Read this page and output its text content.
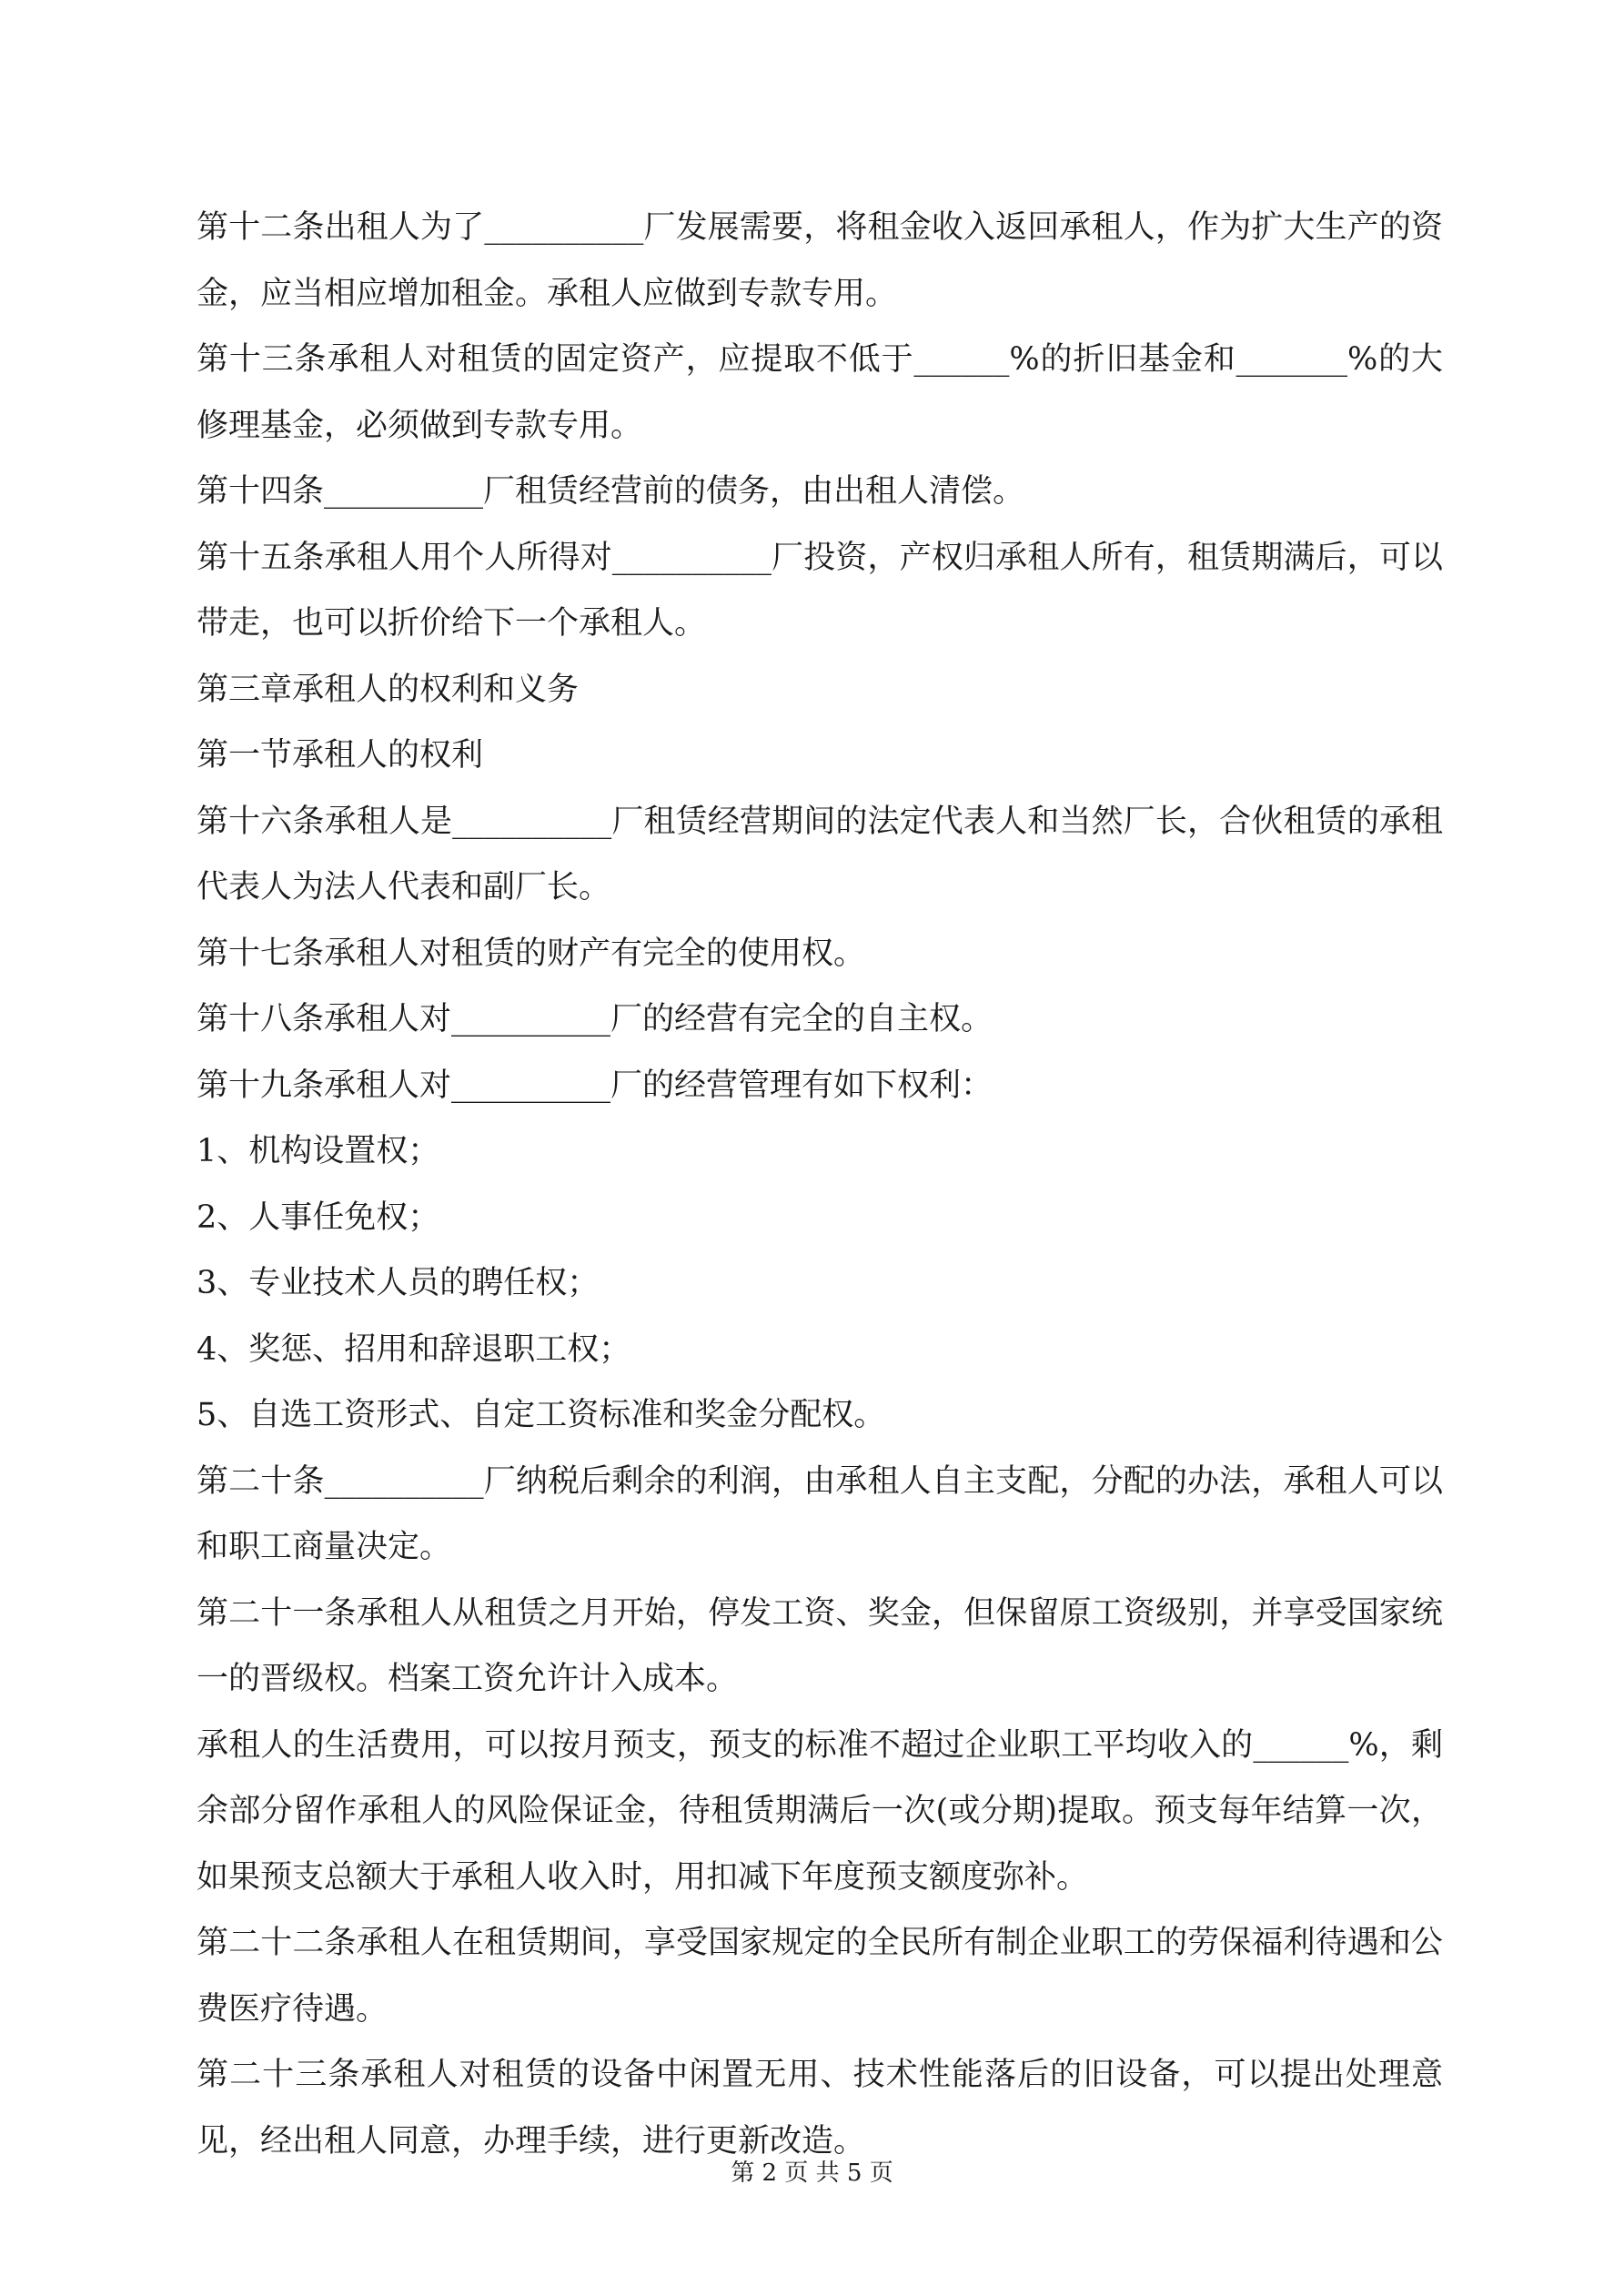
第十二条出租人为了__________厂发展需要，将租金收入返回承租人，作为扩大生产的资金，应当相应增加租金。承租人应做到专款专用。

第十三条承租人对租赁的固定资产，应提取不低于______%的折旧基金和_______%的大修理基金，必须做到专款专用。

第十四条__________厂租赁经营前的债务，由出租人清偿。

第十五条承租人用个人所得对__________厂投资，产权归承租人所有，租赁期满后，可以带走，也可以折价给下一个承租人。

第三章承租人的权利和义务

第一节承租人的权利

第十六条承租人是__________厂租赁经营期间的法定代表人和当然厂长，合伙租赁的承租代表人为法人代表和副厂长。

第十七条承租人对租赁的财产有完全的使用权。

第十八条承租人对__________厂的经营有完全的自主权。

第十九条承租人对__________厂的经营管理有如下权利：

1、机构设置权；

2、人事任免权；

3、专业技术人员的聘任权；

4、奖惩、招用和辞退职工权；

5、自选工资形式、自定工资标准和奖金分配权。

第二十条__________厂纳税后剩余的利润，由承租人自主支配，分配的办法，承租人可以和职工商量决定。

第二十一条承租人从租赁之月开始，停发工资、奖金，但保留原工资级别，并享受国家统一的晋级权。档案工资允许计入成本。

承租人的生活费用，可以按月预支，预支的标准不超过企业职工平均收入的______%，剩余部分留作承租人的风险保证金，待租赁期满后一次(或分期)提取。预支每年结算一次，如果预支总额大于承租人收入时，用扣减下年度预支额度弥补。

第二十二条承租人在租赁期间，享受国家规定的全民所有制企业职工的劳保福利待遇和公费医疗待遇。

第二十三条承租人对租赁的设备中闲置无用、技术性能落后的旧设备，可以提出处理意见，经出租人同意，办理手续，进行更新改造。

第 2 页 共 5 页
